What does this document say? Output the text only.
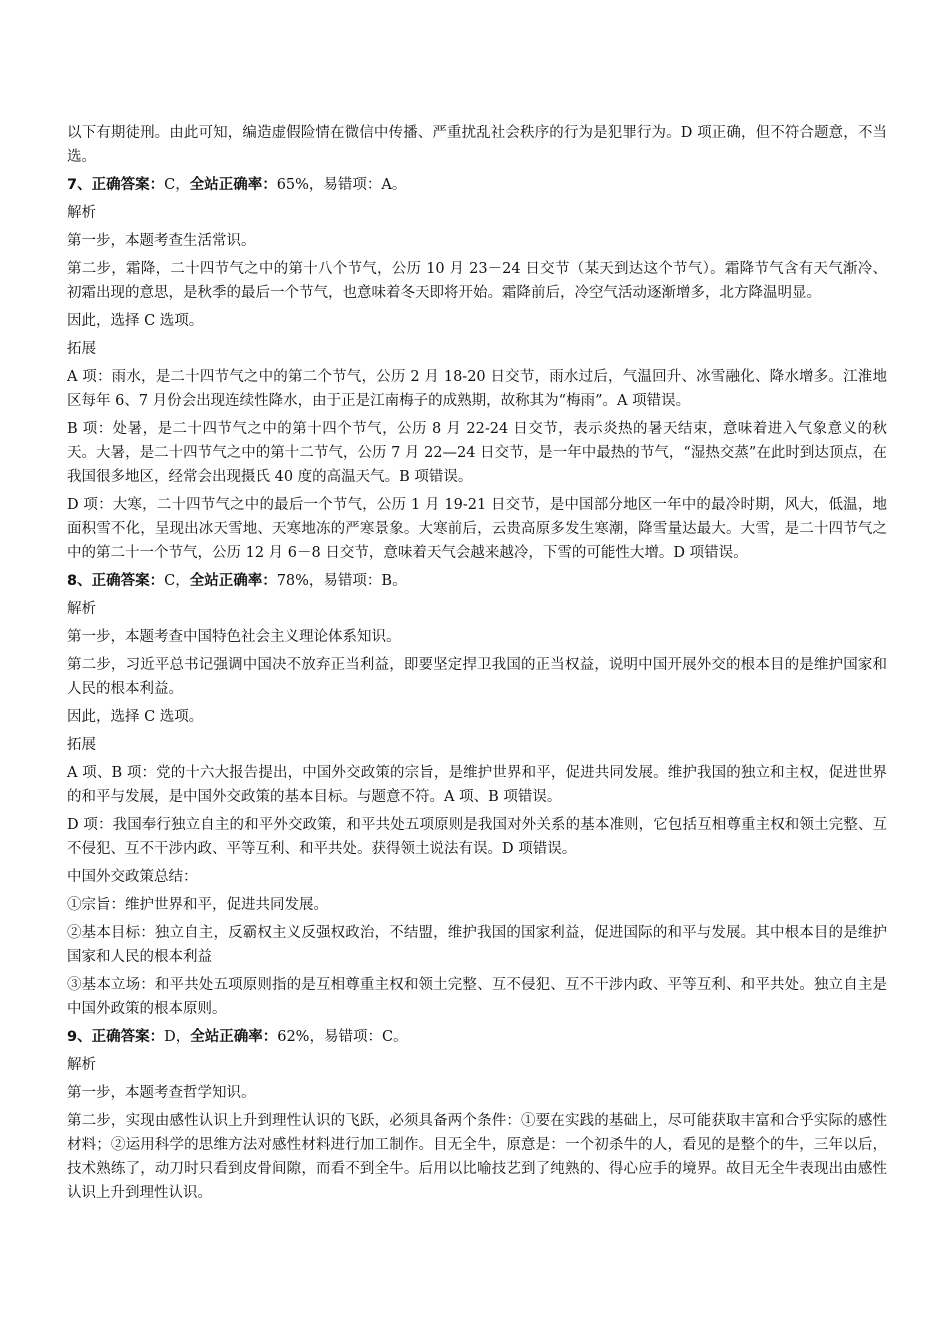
以下有期徒刑。由此可知，编造虚假险情在微信中传播、严重扰乱社会秩序的行为是犯罪行为。D 项正确，但不符合题意，不当选。
7、正确答案：C，全站正确率：65%，易错项：A。
解析
第一步，本题考查生活常识。
第二步，霜降，二十四节气之中的第十八个节气，公历 10 月 23－24 日交节（某天到达这个节气）。霜降节气含有天气渐冷、初霜出现的意思，是秋季的最后一个节气，也意味着冬天即将开始。霜降前后，冷空气活动逐渐增多，北方降温明显。
因此，选择 C 选项。
拓展
A 项：雨水，是二十四节气之中的第二个节气，公历 2 月 18-20 日交节，雨水过后，气温回升、冰雪融化、降水增多。江淮地区每年 6、7 月份会出现连续性降水，由于正是江南梅子的成熟期，故称其为“梅雨”。A 项错误。
B 项：处暑，是二十四节气之中的第十四个节气，公历 8 月 22-24 日交节，表示炎热的暑天结束，意味着进入气象意义的秋天。大暑，是二十四节气之中的第十二节气，公历 7 月 22—24 日交节，是一年中最热的节气，“湿热交蒸”在此时到达顶点，在我国很多地区，经常会出现摄氏 40 度的高温天气。B 项错误。
D 项：大寒，二十四节气之中的最后一个节气，公历 1 月 19-21 日交节，是中国部分地区一年中的最冷时期，风大，低温，地面积雪不化，呈现出冰天雪地、天寒地冻的严寒景象。大寒前后，云贵高原多发生寒潮，降雪量达最大。大雪，是二十四节气之中的第二十一个节气，公历 12 月 6－8 日交节，意味着天气会越来越冷，下雪的可能性大增。D 项错误。
8、正确答案：C，全站正确率：78%，易错项：B。
解析
第一步，本题考查中国特色社会主义理论体系知识。
第二步，习近平总书记强调中国决不放弃正当利益，即要坚定捍卫我国的正当权益，说明中国开展外交的根本目的是维护国家和人民的根本利益。
因此，选择 C 选项。
拓展
A 项、B 项：党的十六大报告提出，中国外交政策的宗旨，是维护世界和平，促进共同发展。维护我国的独立和主权，促进世界的和平与发展，是中国外交政策的基本目标。与题意不符。A 项、B 项错误。
D 项：我国奉行独立自主的和平外交政策，和平共处五项原则是我国对外关系的基本准则，它包括互相尊重主权和领土完整、互不侵犯、互不干涉内政、平等互利、和平共处。获得领土说法有误。D 项错误。
中国外交政策总结：
①宗旨：维护世界和平，促进共同发展。
②基本目标：独立自主，反霸权主义反强权政治，不结盟，维护我国的国家利益，促进国际的和平与发展。其中根本目的是维护国家和人民的根本利益
③基本立场：和平共处五项原则指的是互相尊重主权和领土完整、互不侵犯、互不干涉内政、平等互利、和平共处。独立自主是中国外政策的根本原则。
9、正确答案：D，全站正确率：62%，易错项：C。
解析
第一步，本题考查哲学知识。
第二步，实现由感性认识上升到理性认识的飞跃，必须具备两个条件：①要在实践的基础上，尽可能获取丰富和合乎实际的感性材料；②运用科学的思维方法对感性材料进行加工制作。目无全牛，原意是：一个初杀牛的人，看见的是整个的牛，三年以后，技术熟练了，动刀时只看到皮骨间隙，而看不到全牛。后用以比喻技艺到了纯熟的、得心应手的境界。故目无全牛表现出由感性认识上升到理性认识。
